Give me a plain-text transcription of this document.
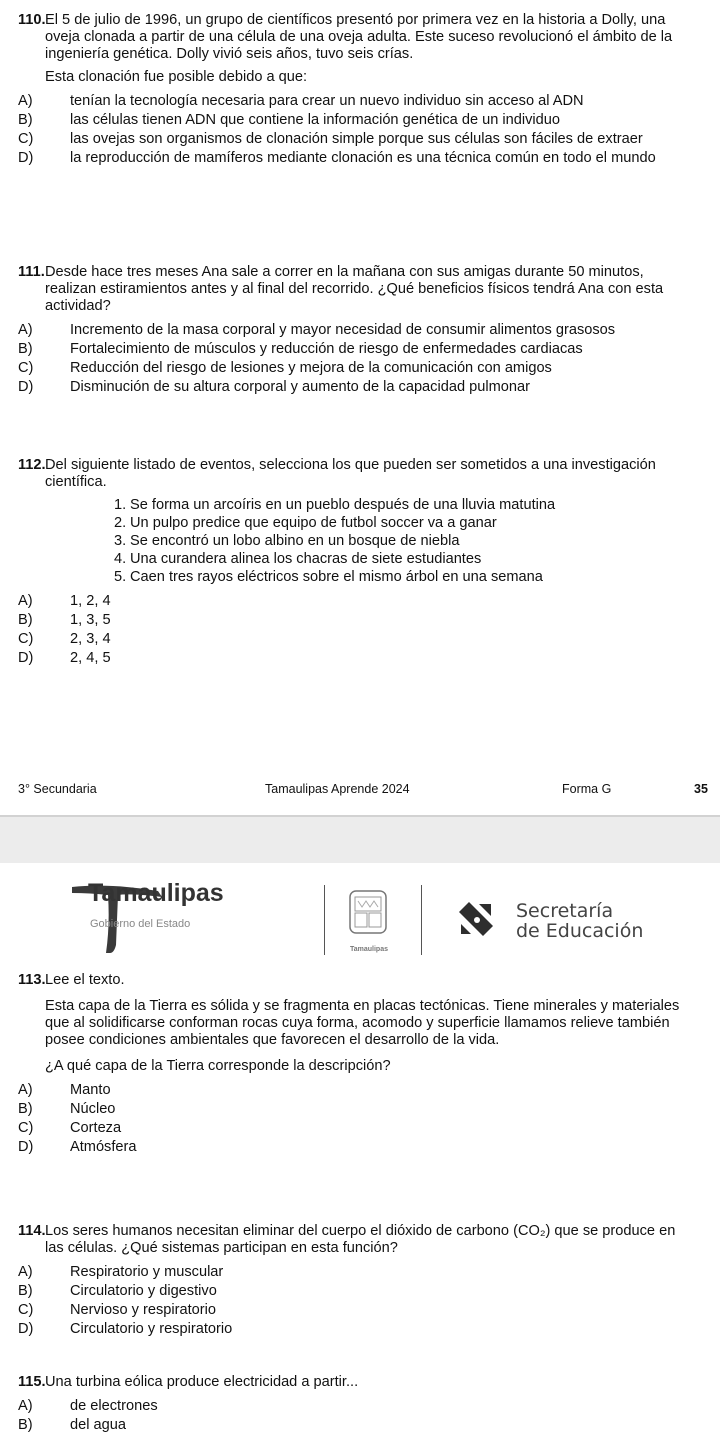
110. El 5 de julio de 1996, un grupo de científicos presentó por primera vez en la historia a Dolly, una oveja clonada a partir de una célula de una oveja adulta. Este suceso revolucionó el ámbito de la ingeniería genética. Dolly vivió seis años, tuvo seis crías.
Esta clonación fue posible debido a que:
A)	tenían la tecnología necesaria para crear un nuevo individuo sin acceso al ADN
B)	las células tienen ADN que contiene la información genética de un individuo
C)	las ovejas son organismos de clonación simple porque sus células son fáciles de extraer
D)	la reproducción de mamíferos mediante clonación es una técnica común en todo el mundo
111. Desde hace tres meses Ana sale a correr en la mañana con sus amigas durante 50 minutos, realizan estiramientos antes y al final del recorrido. ¿Qué beneficios físicos tendrá Ana con esta actividad?
A)	Incremento de la masa corporal y mayor necesidad de consumir alimentos grasosos
B)	Fortalecimiento de músculos y reducción de riesgo de enfermedades cardiacas
C)	Reducción del riesgo de lesiones y mejora de la comunicación con amigos
D)	Disminución de su altura corporal y aumento de la capacidad pulmonar
112. Del siguiente listado de eventos, selecciona los que pueden ser sometidos a una investigación científica.
1. Se forma un arcoíris en un pueblo después de una lluvia matutina
2. Un pulpo predice que equipo de futbol soccer va a ganar
3. Se encontró un lobo albino en un bosque de niebla
4. Una curandera alinea los chacras de siete estudiantes
5. Caen tres rayos eléctricos sobre el mismo árbol en una semana
A)	1, 2, 4
B)	1, 3, 5
C)	2, 3, 4
D)	2, 4, 5
3° Secundaria	Tamaulipas Aprende 2024	Forma G	35
Tamaulipas
Gobierno del Estado
Tamaulipas
Secretaría
de Educación
113. Lee el texto.
Esta capa de la Tierra es sólida y se fragmenta en placas tectónicas. Tiene minerales y materiales que al solidificarse conforman rocas cuya forma, acomodo y superficie llamamos relieve también posee condiciones ambientales que favorecen el desarrollo de la vida.
¿A qué capa de la Tierra corresponde la descripción?
A)	Manto
B)	Núcleo
C)	Corteza
D)	Atmósfera
114. Los seres humanos necesitan eliminar del cuerpo el dióxido de carbono (CO₂) que se produce en las células. ¿Qué sistemas participan en esta función?
A)	Respiratorio y muscular
B)	Circulatorio y digestivo
C)	Nervioso y respiratorio
D)	Circulatorio y respiratorio
115. Una turbina eólica produce electricidad a partir...
A)	de electrones
B)	del agua
